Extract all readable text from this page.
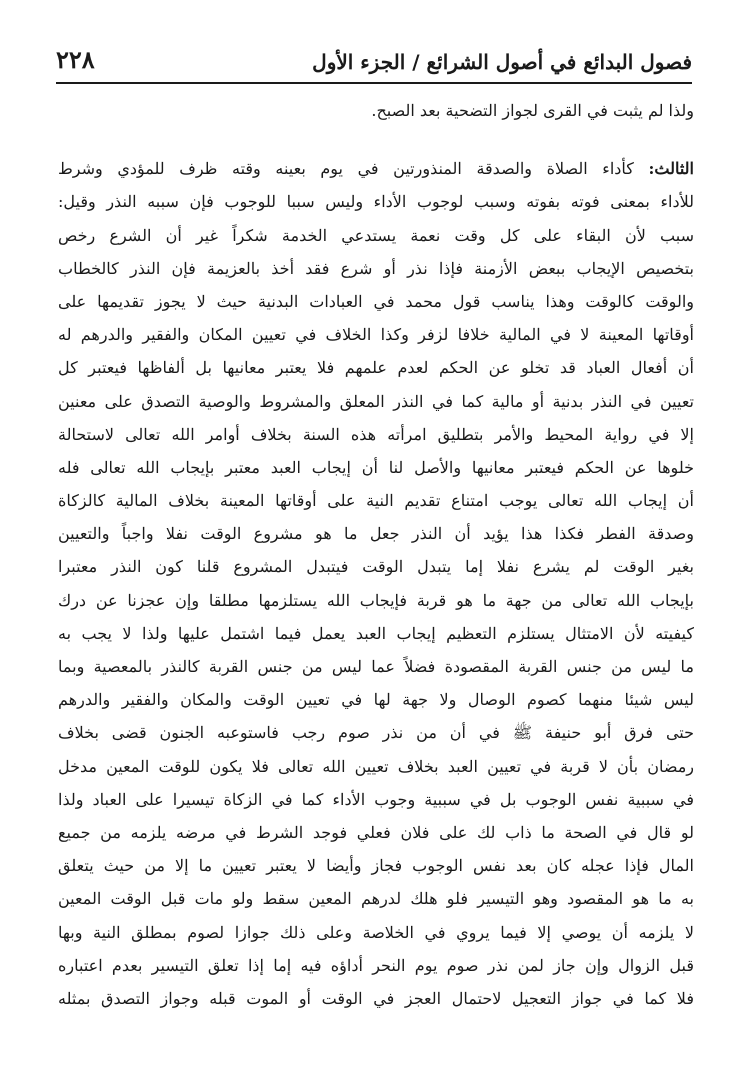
فصول البدائع في أصول الشرائع / الجزء الأول
٢٢٨
ولذا لم يثبت في القرى لجواز التضحية بعد الصبح.
الثالث: كأداء الصلاة والصدقة المنذورتين في يوم بعينه وقته ظرف للمؤدي وشرط
للأداء بمعنى فوته بفوته وسبب لوجوب الأداء وليس سببا للوجوب فإن سببه النذر وقيل:
سبب لأن البقاء على كل وقت نعمة يستدعي الخدمة شكراً غير أن الشرع رخص
بتخصيص الإيجاب ببعض الأزمنة فإذا نذر أو شرع فقد أخذ بالعزيمة فإن النذر كالخطاب
والوقت كالوقت وهذا يناسب قول محمد في العبادات البدنية حيث لا يجوز تقديمها على
أوقاتها المعينة لا في المالية خلافا لزفر وكذا الخلاف في تعيين المكان والفقير والدرهم له
أن أفعال العباد قد تخلو عن الحكم لعدم علمهم فلا يعتبر معانيها بل ألفاظها فيعتبر كل
تعيين في النذر بدنية أو مالية كما في النذر المعلق والمشروط والوصية التصدق على معنين
إلا في رواية المحيط والأمر بتطليق امرأته هذه السنة بخلاف أوامر الله تعالى لاستحالة
خلوها عن الحكم فيعتبر معانيها والأصل لنا أن إيجاب العبد معتبر بإيجاب الله تعالى فله
أن إيجاب الله تعالى يوجب امتناع تقديم النية على أوقاتها المعينة بخلاف المالية كالزكاة
وصدقة الفطر فكذا هذا يؤيد أن النذر جعل ما هو مشروع الوقت نفلا واجباً والتعيين
بغير الوقت لم يشرع نفلا إما يتبدل الوقت فيتبدل المشروع قلنا كون النذر معتبرا
بإيجاب الله تعالى من جهة ما هو قربة فإيجاب الله يستلزمها مطلقا وإن عجزنا عن درك
كيفيته لأن الامتثال يستلزم التعظيم إيجاب العبد يعمل فيما اشتمل عليها ولذا لا يجب به
ما ليس من جنس القربة المقصودة فضلاً عما ليس من جنس القربة كالنذر بالمعصية وبما
ليس شيئا منهما كصوم الوصال ولا جهة لها في تعيين الوقت والمكان والفقير والدرهم
حتى فرق أبو حنيفة ﷺ في أن من نذر صوم رجب فاستوعبه الجنون قضى بخلاف
رمضان بأن لا قربة في تعيين العبد بخلاف تعيين الله تعالى فلا يكون للوقت المعين مدخل
في سببية نفس الوجوب بل في سببية وجوب الأداء كما في الزكاة تيسيرا على العباد ولذا
لو قال في الصحة ما ذاب لك على فلان فعلي فوجد الشرط في مرضه يلزمه من جميع
المال فإذا عجله كان بعد نفس الوجوب فجاز وأيضا لا يعتبر تعيين ما إلا من حيث يتعلق
به ما هو المقصود وهو التيسير فلو هلك لدرهم المعين سقط ولو مات قبل الوقت المعين
لا يلزمه أن يوصي إلا فيما يروي في الخلاصة وعلى ذلك جوازا لصوم بمطلق النية وبها
قبل الزوال وإن جاز لمن نذر صوم يوم النحر أداؤه فيه إما إذا تعلق التيسير بعدم اعتباره
فلا كما في جواز التعجيل لاحتمال العجز في الوقت أو الموت قبله وجواز التصدق بمثله
